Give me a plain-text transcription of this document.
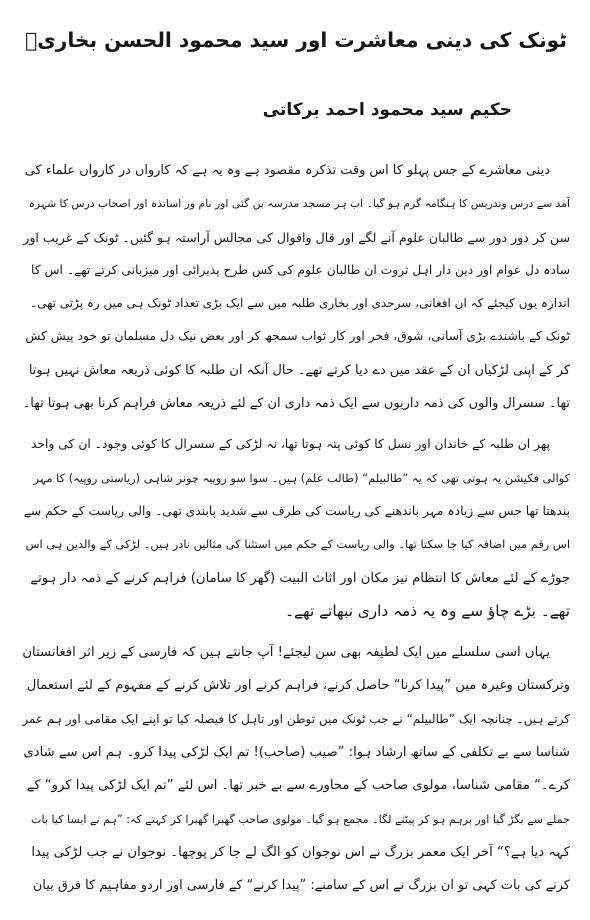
ٹونک کی دینی معاشرت اور سید محمود الحسن بخاریؒ
حکیم سید محمود احمد برکاتی

دینی معاشرے کے جس پہلو کا اس وقت تذکرہ مقصود ہے وہ یہ ہے کہ کارواں در کارواں علماء کی
آمد سے درس وتدریس کا ہنگامہ گرم ہو گیا۔ اب ہر مسجد مدرسہ بن گئی اور نام ور اساتذہ اور اصحاب درس کا شہرہ
سن کر دور دور سے طالبان علوم آنے لگے اور قال واقوال کی مجالس آراستہ ہو گئیں۔ ٹونک کے غریب اور
سادہ دل عوام اور دین دار اہل ثروت ان طالبان علوم کی کس طرح پذیرائی اور میزبانی کرتے تھے۔ اس کا
اندازہ یوں کیجئے کہ ان افغانی، سرحدی اور بخاری طلبہ میں سے ایک بڑی تعداد ٹونک ہی میں رہ پڑتی تھی۔
ٹونک کے باشندے بڑی آسانی، شوق، فخر اور کار ثواب سمجھ کر اور بعض نیک دل مسلمان تو خود پیش کش
کر کے اپنی لڑکیاں ان کے عقد میں دے دیا کرتے تھے۔ حال آنکہ ان طلبہ کا کوئی ذریعہ معاش نہیں ہوتا
تھا۔ سسرال والوں کی ذمہ داریوں سے ایک ذمہ داری ان کے لئے ذریعہ معاش فراہم کرنا بھی ہوتا تھا۔

پھر ان طلبہ کے خاندان اور نسل کا کوئی پتہ ہوتا تھا، نہ لڑکی کے سسرال کا کوئی وجود۔ ان کی واحد
کوالی فکیشن یہ ہوتی تھی کہ یہ ”طالبیلم“ (طالب علم) ہیں۔ سوا سو روپیہ چونر شاہی (ریاستی روپیہ) کا مہر
بندھتا تھا جس سے زیادہ مہر باندھنے کی ریاست کی طرف سے شدید پابندی تھی۔ والی ریاست کے حکم سے
اس رقم میں اضافہ کیا جا سکتا تھا۔ والی ریاست کے حکم میں استثنا کی مثالیں نادر ہیں۔ لڑکی کے والدین ہی اس
جوڑے کے لئے معاش کا انتظام نیز مکان اور اثاث البیت (گھر کا سامان) فراہم کرنے کے ذمہ دار ہوتے
تھے۔ بڑے چاؤ سے وہ یہ ذمہ داری نبھاتے تھے۔

یہاں اسی سلسلے میں ایک لطیفہ بھی سن لیجئے! آپ جانتے ہیں کہ فارسی کے زیر اثر افغانستان
وترکستان وغیرہ میں ”پیدا کرنا“ حاصل کرنے، فراہم کرنے اور تلاش کرنے کے مفہوم کے لئے استعمال
کرتے ہیں۔ چنانچہ ایک ”طالبیلم“ نے جب ٹونک میں توطن اور تاہل کا فیصلہ کیا تو اپنے ایک مقامی اور ہم عمر
شناسا سے بے تکلفی کے ساتھ ارشاد ہوا: ”صیب (صاحب)! تم ایک لڑکی پیدا کرو۔ ہم اس سے شادی
کرے۔“ مقامی شناسا، مولوی صاحب کے محاورے سے بے خبر تھا۔ اس لئے ”تم ایک لڑکی پیدا کرو“ کے
جملے سے بگڑ گیا اور برہم ہو کر پیٹنے لگا۔ مجمع ہو گیا۔ مولوی صاحب گھبرا گھبرا کر کہتے کہ: ”ہم نے ایسا کیا بات
کہہ دیا ہے؟“ آخر ایک معمر بزرگ نے اس نوجوان کو الگ لے جا کر پوچھا۔ نوجوان نے جب لڑکی پیدا
کرنے کی بات کہی تو ان بزرگ نے اس کے سامنے: ”پیدا کرنے“ کے فارسی اور اردو مفاہیم کا فرق بیان
